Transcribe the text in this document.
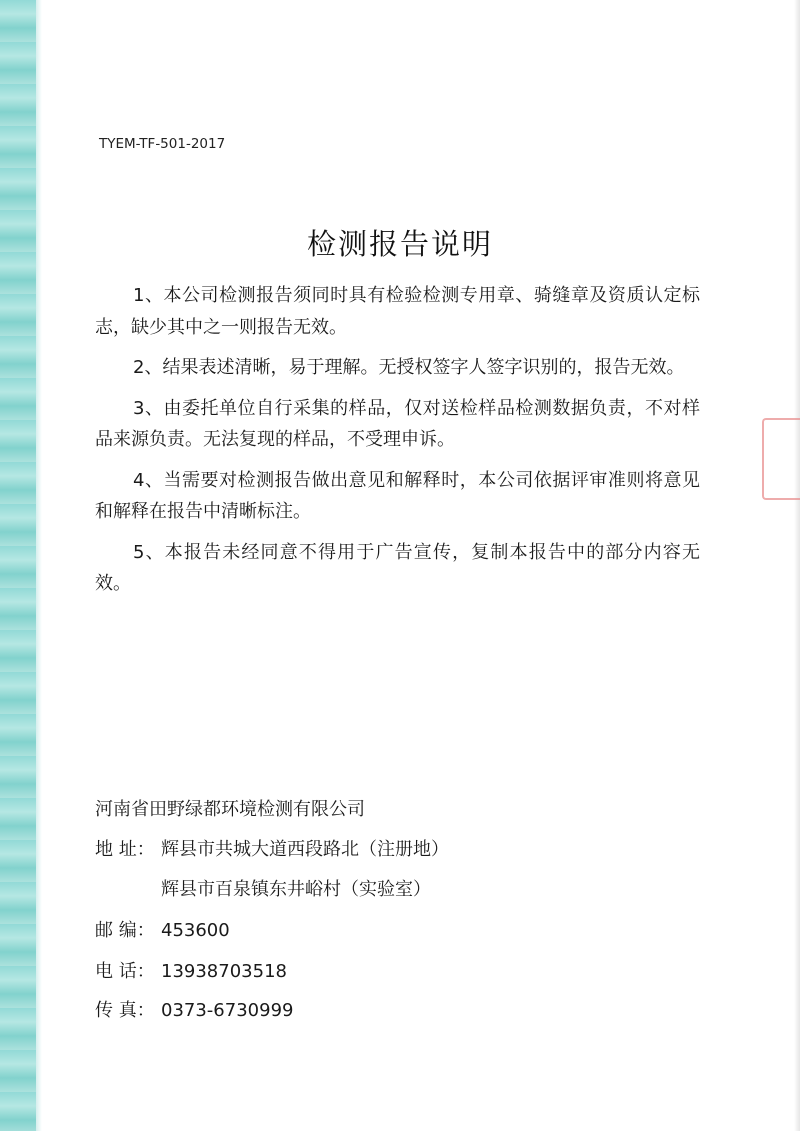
TYEM-TF-501-2017
检测报告说明

1、本公司检测报告须同时具有检验检测专用章、骑缝章及资质认定标志，缺少其中之一则报告无效。

2、结果表述清晰，易于理解。无授权签字人签字识别的，报告无效。

3、由委托单位自行采集的样品，仅对送检样品检测数据负责，不对样品来源负责。无法复现的样品，不受理申诉。

4、当需要对检测报告做出意见和解释时，本公司依据评审准则将意见和解释在报告中清晰标注。

5、本报告未经同意不得用于广告宣传，复制本报告中的部分内容无效。

河南省田野绿都环境检测有限公司
地 址： 辉县市共城大道西段路北（注册地）
辉县市百泉镇东井峪村（实验室）
邮 编： 453600
电 话： 13938703518
传 真： 0373-6730999
